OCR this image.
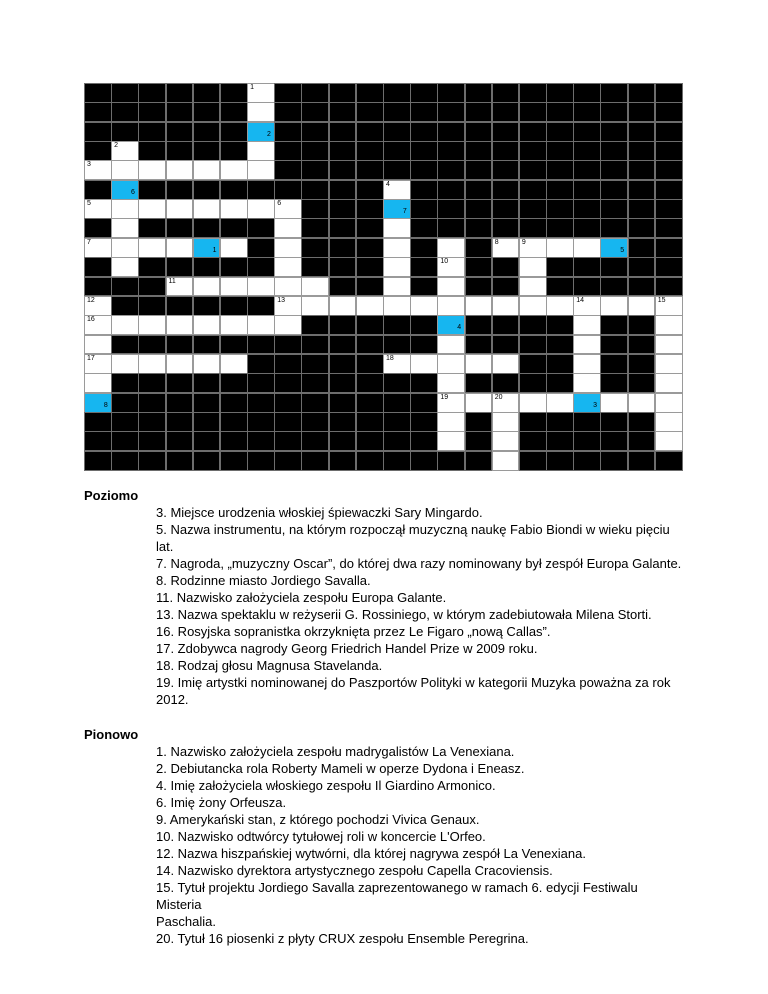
1
2
2
3
6
4
5	6
7
7
1
8	9
5
10
11
12	13	14	15
16
4
17	18
8
19	20
3
Poziomo
3. Miejsce urodzenia włoskiej śpiewaczki Sary Mingardo.
5. Nazwa instrumentu, na którym rozpoczął muzyczną naukę Fabio Biondi w wieku pięciu lat.
7. Nagroda, „muzyczny Oscar”, do której dwa razy nominowany był zespół Europa Galante.
8. Rodzinne miasto Jordiego Savalla.
11. Nazwisko założyciela zespołu Europa Galante.
13. Nazwa spektaklu w reżyserii G. Rossiniego, w którym zadebiutowała Milena Storti.
16. Rosyjska sopranistka okrzyknięta przez Le Figaro „nową Callas”.
17. Zdobywca nagrody Georg Friedrich Handel Prize w 2009 roku.
18. Rodzaj głosu Magnusa Stavelanda.
19. Imię artystki nominowanej do Paszportów Polityki w kategorii Muzyka poważna za rok
2012.
Pionowo
1. Nazwisko założyciela zespołu madrygalistów La Venexiana.
2. Debiutancka rola Roberty Mameli w operze Dydona i Eneasz.
4. Imię założyciela włoskiego zespołu Il Giardino Armonico.
6. Imię żony Orfeusza.
9. Amerykański stan, z którego pochodzi Vivica Genaux.
10. Nazwisko odtwórcy tytułowej roli w koncercie L'Orfeo.
12. Nazwa hiszpańskiej wytwórni, dla której nagrywa zespół La Venexiana.
14. Nazwisko dyrektora artystycznego zespołu Capella Cracoviensis.
15. Tytuł projektu Jordiego Savalla zaprezentowanego w ramach 6. edycji Festiwalu Misteria
Paschalia.
20. Tytuł 16 piosenki z płyty CRUX zespołu Ensemble Peregrina.
